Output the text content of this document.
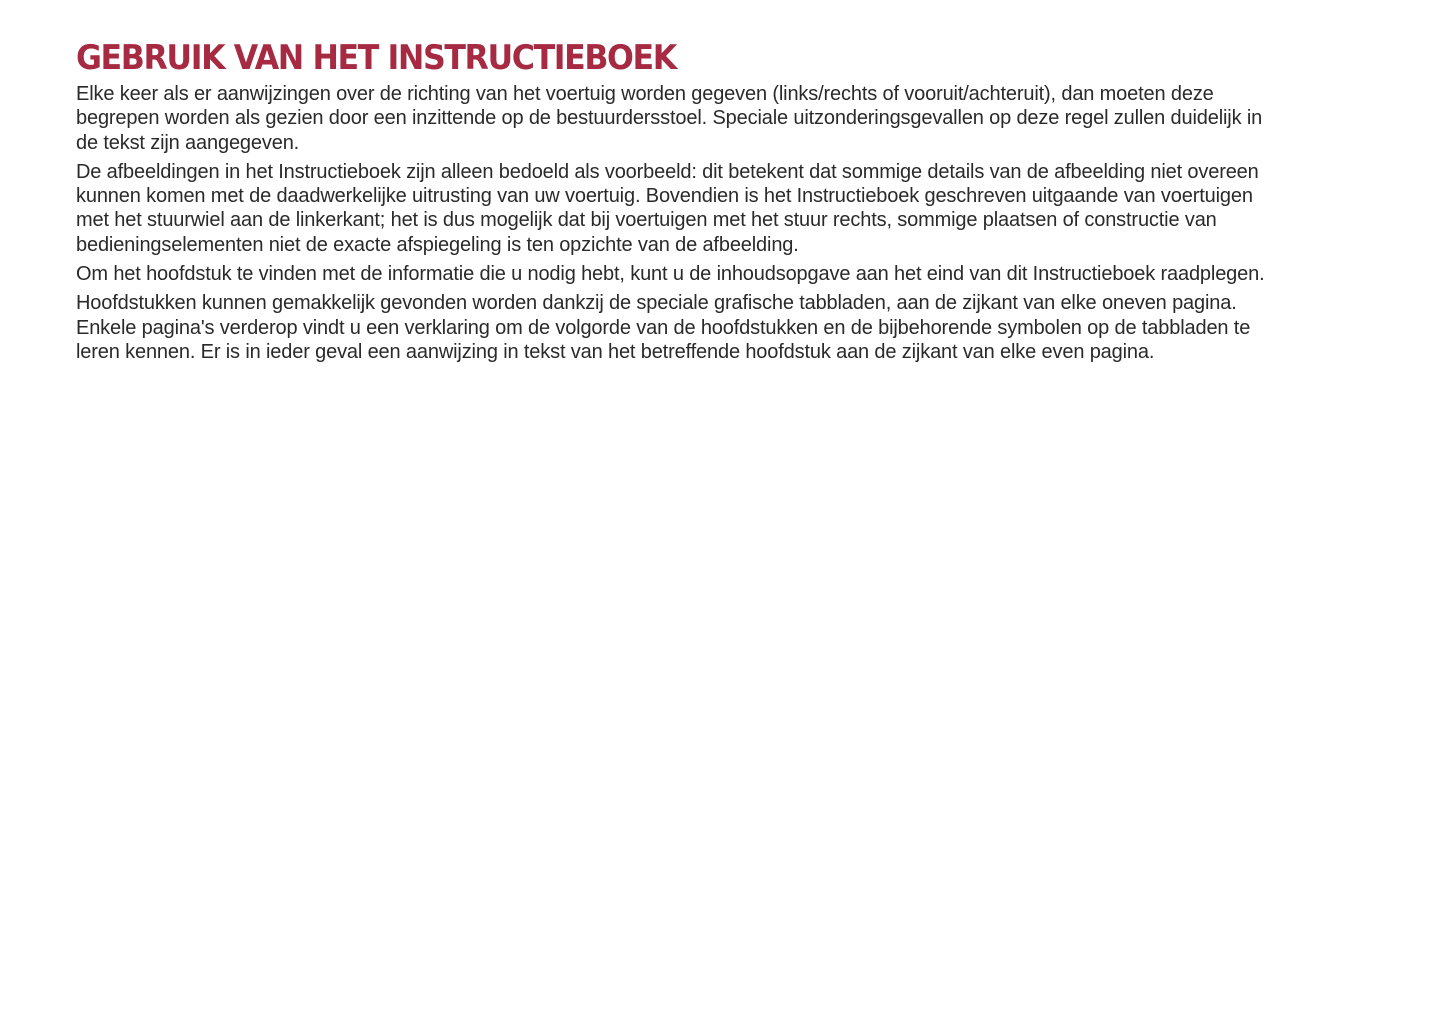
GEBRUIK VAN HET INSTRUCTIEBOEK

Elke keer als er aanwijzingen over de richting van het voertuig worden gegeven (links/rechts of vooruit/achteruit), dan moeten deze begrepen worden als gezien door een inzittende op de bestuurdersstoel. Speciale uitzonderingsgevallen op deze regel zullen duidelijk in de tekst zijn aangegeven.

De afbeeldingen in het Instructieboek zijn alleen bedoeld als voorbeeld: dit betekent dat sommige details van de afbeelding niet overeen kunnen komen met de daadwerkelijke uitrusting van uw voertuig. Bovendien is het Instructieboek geschreven uitgaande van voertuigen met het stuurwiel aan de linkerkant; het is dus mogelijk dat bij voertuigen met het stuur rechts, sommige plaatsen of constructie van bedieningselementen niet de exacte afspiegeling is ten opzichte van de afbeelding.

Om het hoofdstuk te vinden met de informatie die u nodig hebt, kunt u de inhoudsopgave aan het eind van dit Instructieboek raadplegen.

Hoofdstukken kunnen gemakkelijk gevonden worden dankzij de speciale grafische tabbladen, aan de zijkant van elke oneven pagina. Enkele pagina's verderop vindt u een verklaring om de volgorde van de hoofdstukken en de bijbehorende symbolen op de tabbladen te leren kennen. Er is in ieder geval een aanwijzing in tekst van het betreffende hoofdstuk aan de zijkant van elke even pagina.
